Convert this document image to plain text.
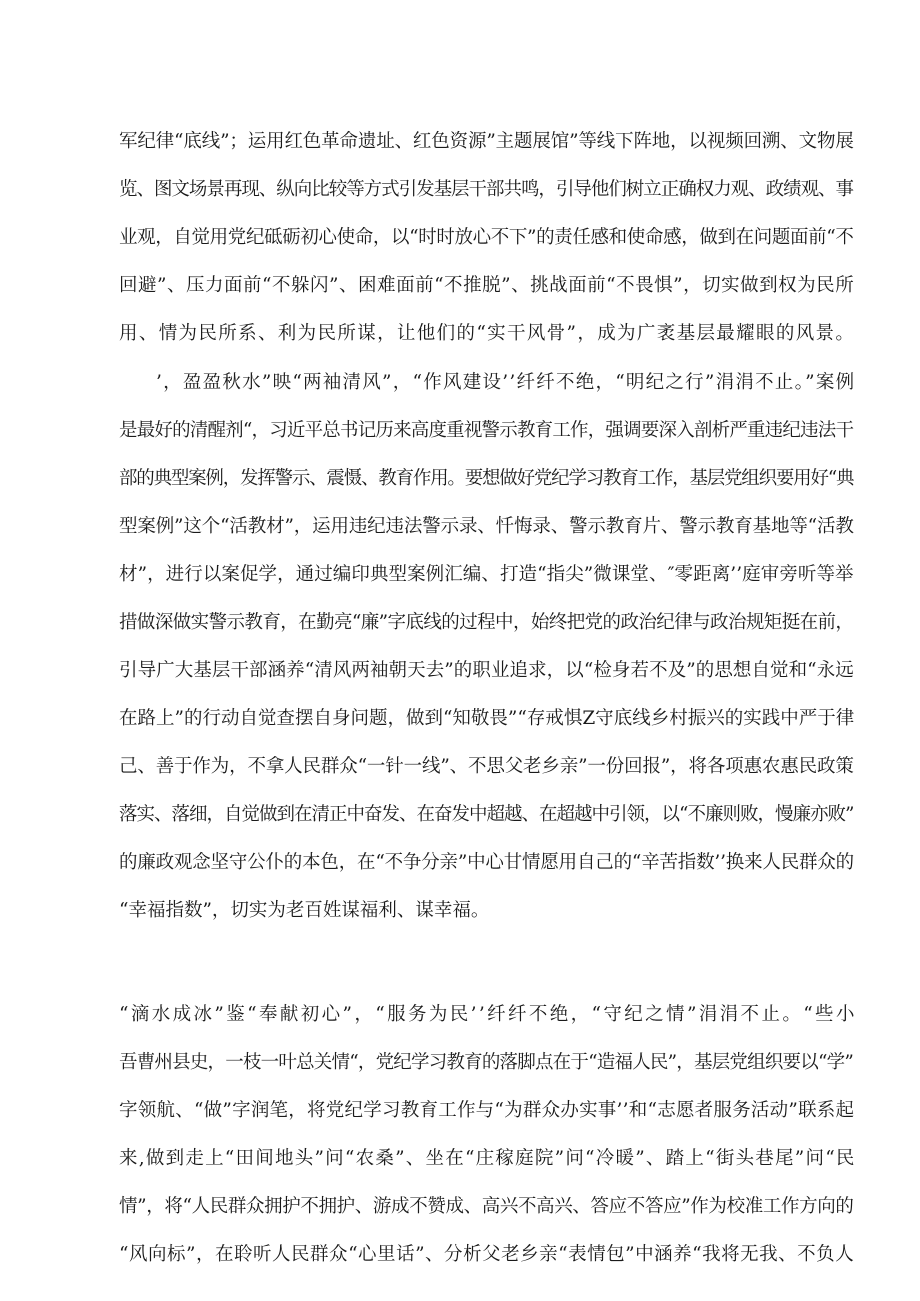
军纪律“底线”；运用红色革命遗址、红色资源”主题展馆”等线下阵地，以视频回溯、文物展
览、图文场景再现、纵向比较等方式引发基层干部共鸣，引导他们树立正确权力观、政绩观、事
业观，自觉用党纪砥砺初心使命，以“时时放心不下”的责任感和使命感，做到在问题面前“不
回避”、压力面前“不躲闪”、困难面前“不推脱”、挑战面前“不畏惧”，切实做到权为民所
用、情为民所系、利为民所谋，让他们的“实干风骨”，成为广袤基层最耀眼的风景。
’，盈盈秋水”映“两袖清风”，“作风建设’’纤纤不绝，“明纪之行”涓涓不止。”案例
是最好的清醒剂“，习近平总书记历来高度重视警示教育工作，强调要深入剖析严重违纪违法干
部的典型案例，发挥警示、震慑、教育作用。要想做好党纪学习教育工作，基层党组织要用好“典
型案例”这个“活教材”，运用违纪违法警示录、忏悔录、警示教育片、警示教育基地等“活教
材”，进行以案促学，通过编印典型案例汇编、打造“指尖”微课堂、″零距离’’庭审旁听等举
措做深做实警示教育，在勤亮“廉”字底线的过程中，始终把党的政治纪律与政治规矩挺在前，
引导广大基层干部涵养“清风两袖朝天去”的职业追求，以“检身若不及”的思想自觉和“永远
在路上”的行动自觉查摆自身问题，做到“知敬畏”“存戒惧Z守底线乡村振兴的实践中严于律
己、善于作为，不拿人民群众“一针一线”、不思父老乡亲”一份回报”，将各项惠农惠民政策
落实、落细，自觉做到在清正中奋发、在奋发中超越、在超越中引领，以“不廉则败，慢廉亦败”
的廉政观念坚守公仆的本色，在“不争分亲”中心甘情愿用自己的“辛苦指数’’换来人民群众的
“幸福指数”，切实为老百姓谋福利、谋幸福。
“滴水成冰”鉴“奉献初心”，“服务为民’’纤纤不绝，“守纪之情”涓涓不止。“些小
吾曹州县史，一枝一叶总关情“，党纪学习教育的落脚点在于“造福人民”，基层党组织要以“学”
字领航、“做”字润笔，将党纪学习教育工作与“为群众办实事’’和“志愿者服务活动”联系起
来,做到走上“田间地头”问“农桑”、坐在“庄稼庭院”问“冷暖”、踏上“街头巷尾”问“民
情”，将“人民群众拥护不拥护、游成不赞成、高兴不高兴、答应不答应”作为校准工作方向的
“风向标”，在聆听人民群众“心里话”、分析父老乡亲“表情包”中涵养“我将无我、不负人
